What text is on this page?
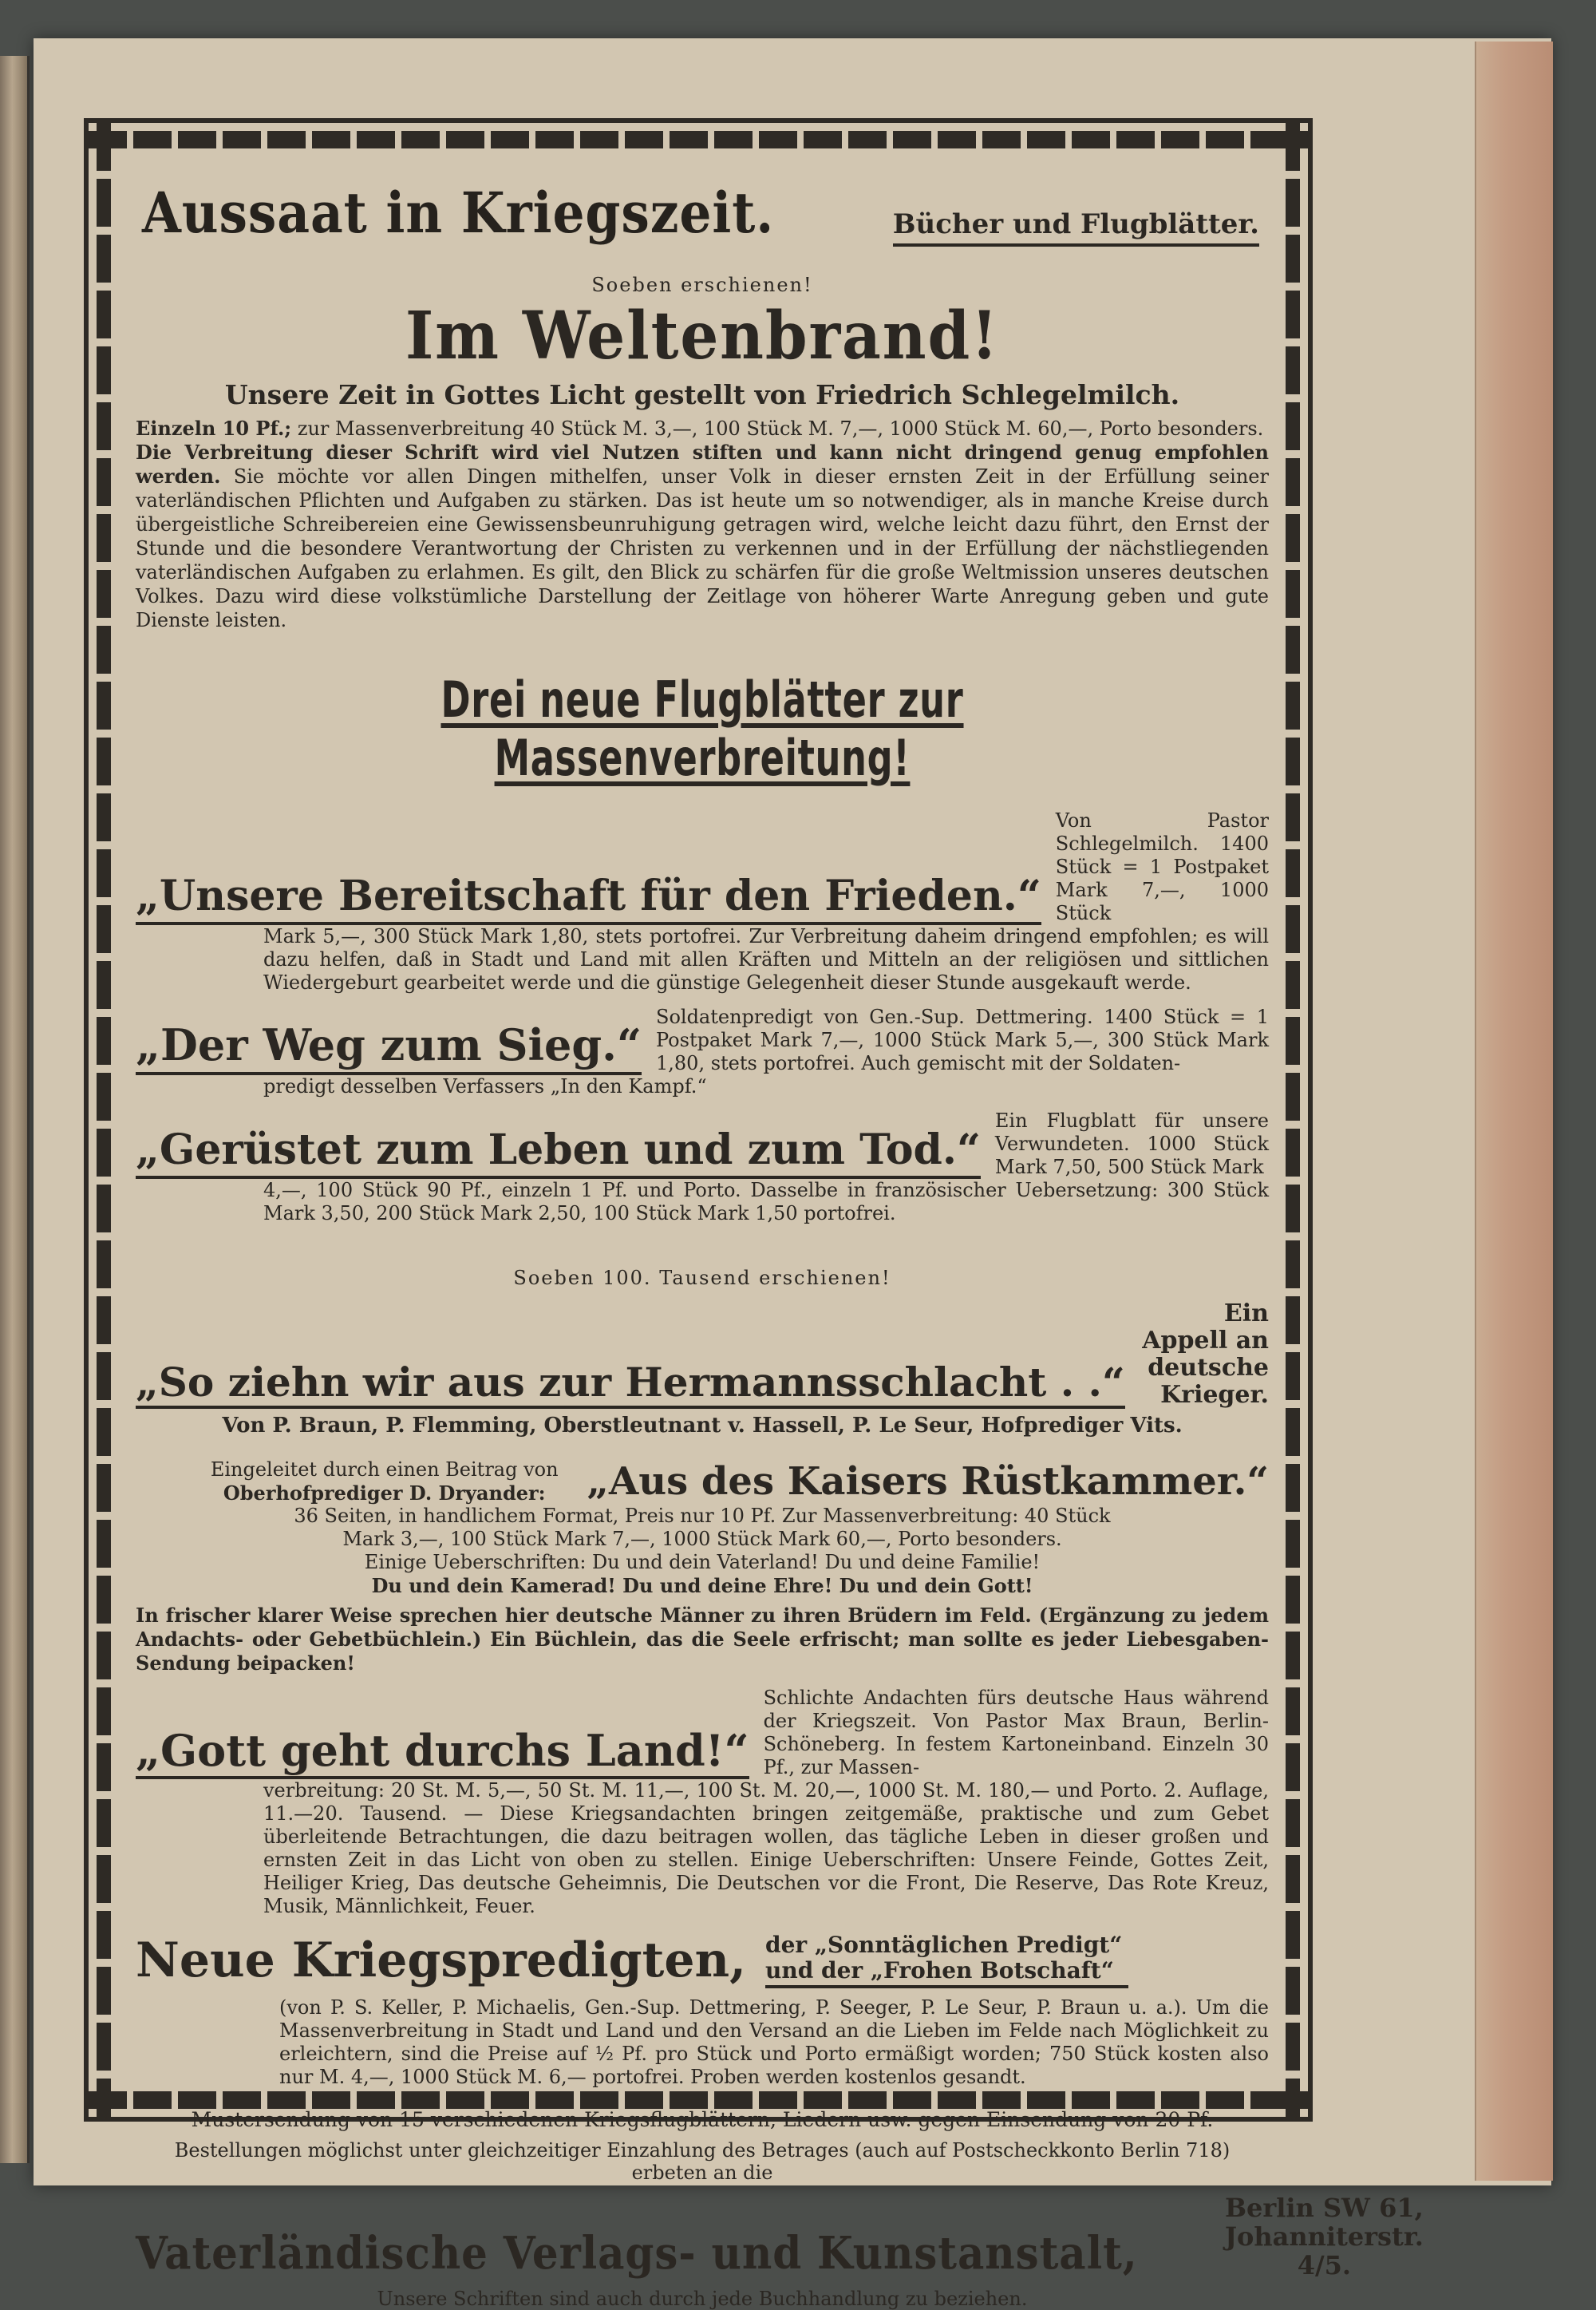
Aussaat in Kriegszeit.	Bücher und Flugblätter.

Soeben erschienen!

Im Weltenbrand!

Unsere Zeit in Gottes Licht gestellt von Friedrich Schlegelmilch.

Einzeln 10 Pf.; zur Massenverbreitung 40 Stück M. 3,—, 100 Stück M. 7,—, 1000 Stück M. 60,—, Porto besonders.

Die Verbreitung dieser Schrift wird viel Nutzen stiften und kann nicht dringend genug empfohlen werden. Sie möchte vor allen Dingen mithelfen, unser Volk in dieser ernsten Zeit in der Erfüllung seiner vaterländischen Pflichten und Aufgaben zu stärken. Das ist heute um so notwendiger, als in manche Kreise durch übergeistliche Schreibereien eine Gewissensbeunruhigung getragen wird, welche leicht dazu führt, den Ernst der Stunde und die besondere Verantwortung der Christen zu verkennen und in der Erfüllung der nächstliegenden vaterländischen Aufgaben zu erlahmen. Es gilt, den Blick zu schärfen für die große Weltmission unseres deutschen Volkes. Dazu wird diese volkstümliche Darstellung der Zeitlage von höherer Warte Anregung geben und gute Dienste leisten.

Drei neue Flugblätter zur Massenverbreitung!
„Unsere Bereitschaft für den Frieden.“
Von Pastor Schlegelmilch. 1400 Stück = 1 Postpaket Mark 7,—, 1000 Stück

Mark 5,—, 300 Stück Mark 1,80, stets portofrei. Zur Verbreitung daheim dringend empfohlen; es will dazu helfen, daß in Stadt und Land mit allen Kräften und Mitteln an der religiösen und sittlichen Wiedergeburt gearbeitet werde und die günstige Gelegenheit dieser Stunde ausgekauft werde.

„Der Weg zum Sieg.“
Soldatenpredigt von Gen.-Sup. Dettmering. 1400 Stück = 1 Postpaket Mark 7,—, 1000 Stück Mark 5,—, 300 Stück Mark 1,80, stets portofrei. Auch gemischt mit der Soldaten-

predigt desselben Verfassers „In den Kampf.“

„Gerüstet zum Leben und zum Tod.“
Ein Flugblatt für unsere Verwundeten. 1000 Stück Mark 7,50, 500 Stück Mark

4,—, 100 Stück 90 Pf., einzeln 1 Pf. und Porto. Dasselbe in französischer Uebersetzung: 300 Stück Mark 3,50, 200 Stück Mark 2,50, 100 Stück Mark 1,50 portofrei.

Soeben 100. Tausend erschienen!

„So ziehn wir aus zur Hermannsschlacht . .“
Ein Appell an
deutsche Krieger.

Von P. Braun, P. Flemming, Oberstleutnant v. Hassell, P. Le Seur, Hofprediger Vits.

Eingeleitet durch einen Beitrag von
Oberhofprediger D. Dryander:	„Aus des Kaisers Rüstkammer.“
36 Seiten, in handlichem Format, Preis nur 10 Pf. Zur Massenverbreitung: 40 Stück
Mark 3,—, 100 Stück Mark 7,—, 1000 Stück Mark 60,—, Porto besonders.
Einige Ueberschriften: Du und dein Vaterland! Du und deine Familie!
Du und dein Kamerad! Du und deine Ehre! Du und dein Gott!

In frischer klarer Weise sprechen hier deutsche Männer zu ihren Brüdern im Feld. (Ergänzung zu jedem Andachts- oder Gebetbüchlein.) Ein Büchlein, das die Seele erfrischt; man sollte es jeder Liebesgaben-Sendung beipacken!

„Gott geht durchs Land!“
Schlichte Andachten fürs deutsche Haus während der Kriegszeit. Von Pastor Max Braun, Berlin-Schöneberg. In festem Kartoneinband. Einzeln 30 Pf., zur Massen-

verbreitung: 20 St. M. 5,—, 50 St. M. 11,—, 100 St. M. 20,—, 1000 St. M. 180,— und Porto. 2. Auflage, 11.—20. Tausend. — Diese Kriegsandachten bringen zeitgemäße, praktische und zum Gebet überleitende Betrachtungen, die dazu beitragen wollen, das tägliche Leben in dieser großen und ernsten Zeit in das Licht von oben zu stellen. Einige Ueberschriften: Unsere Feinde, Gottes Zeit, Heiliger Krieg, Das deutsche Geheimnis, Die Deutschen vor die Front, Die Reserve, Das Rote Kreuz, Musik, Männlichkeit, Feuer.

Neue Kriegspredigten, der „Sonntäglichen Predigt“
und der „Frohen Botschaft“

(von P. S. Keller, P. Michaelis, Gen.-Sup. Dettmering, P. Seeger, P. Le Seur, P. Braun u. a.). Um die Massenverbreitung in Stadt und Land und den Versand an die Lieben im Felde nach Möglichkeit zu erleichtern, sind die Preise auf ½ Pf. pro Stück und Porto ermäßigt worden; 750 Stück kosten also nur M. 4,—, 1000 Stück M. 6,— portofrei. Proben werden kostenlos gesandt.

Mustersendung von 15 verschiedenen Kriegsflugblättern, Liedern usw. gegen Einsendung von 20 Pf.

Bestellungen möglichst unter gleichzeitiger Einzahlung des Betrages (auch auf Postscheckkonto Berlin 718) erbeten an die

Vaterländische Verlags- und Kunstanstalt,
Berlin SW 61,
Johanniterstr. 4/5.

Unsere Schriften sind auch durch jede Buchhandlung zu beziehen.
